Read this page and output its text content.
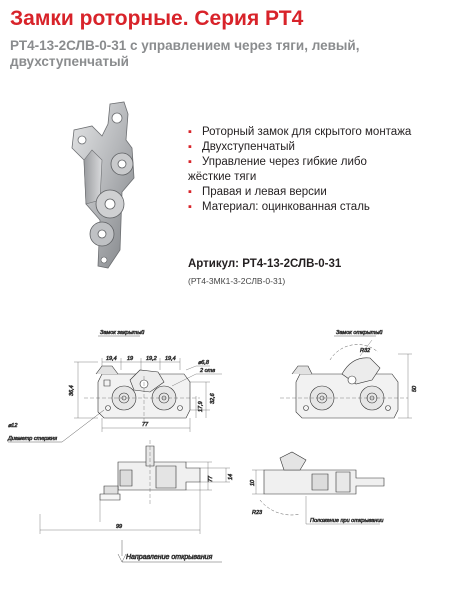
Замки роторные. Серия РТ4

РТ4-13-2СЛВ-0-31 с управлением через тяги, левый,
двухступенчатый

▪ Роторный замок для скрытого монтажа
▪ Двухступенчатый
▪ Управление через гибкие либо
жёсткие тяги
▪ Правая и левая версии
▪ Материал: оцинкованная сталь
Артикул: РТ4-13-2СЛВ-0-31
(РТ4-3МК1-3-2СЛВ-0-31)
Замок закрытый	Замок открытый
19,4 19 19,2 19,4
⌀6,8
2 отв
36,4
17,9
32,6
77
⌀12
Диаметр стержня
R32
50
77	14
99
10
R23
Положение при открывании
Направление открывания
